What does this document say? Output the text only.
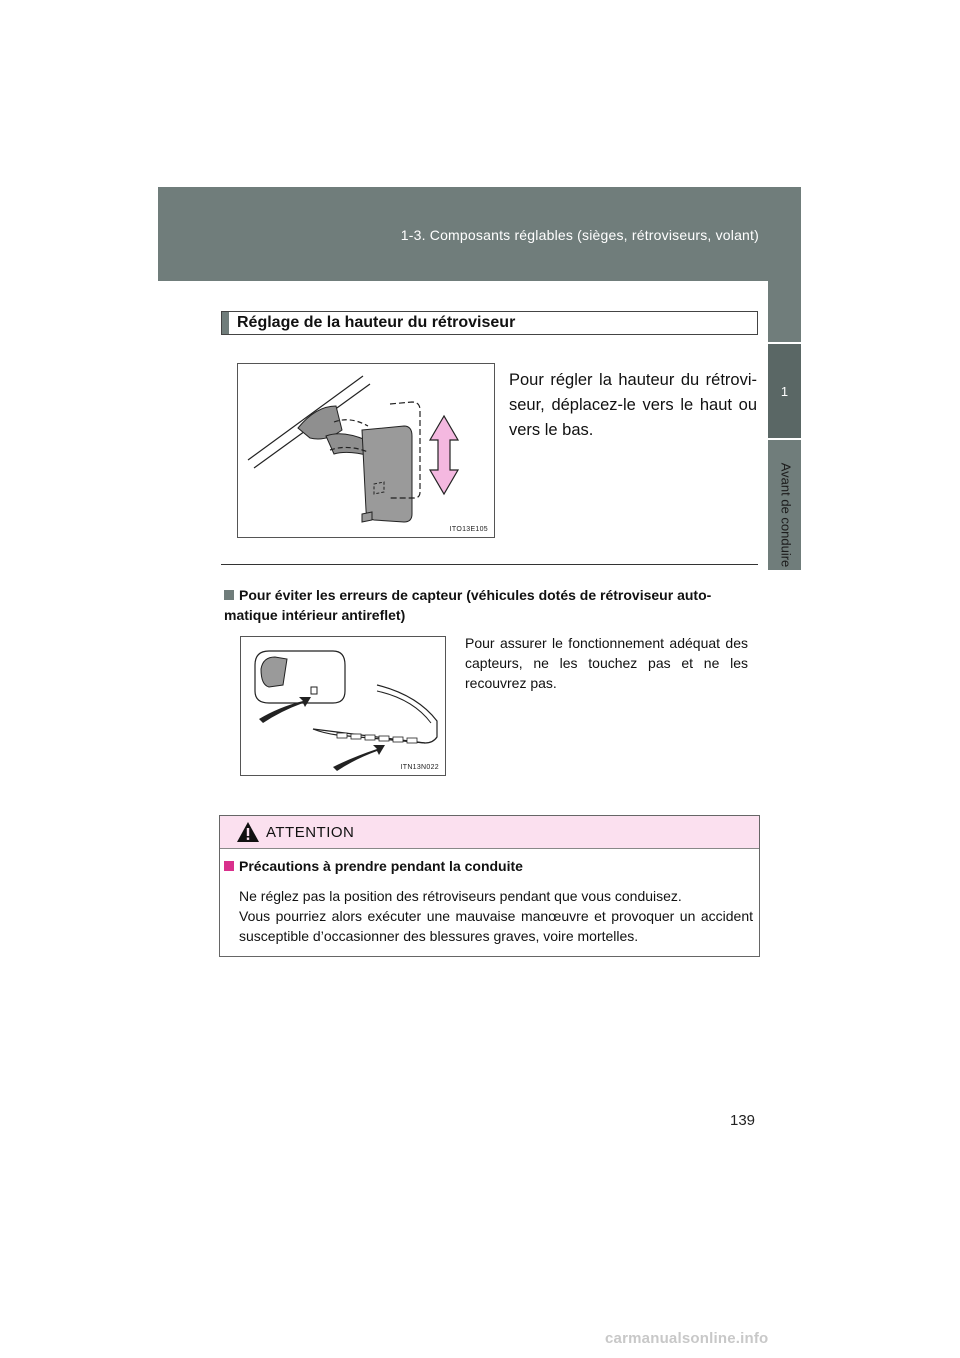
1-3. Composants réglables (sièges, rétroviseurs, volant)
1
Avant de conduire
Réglage de la hauteur du rétroviseur
ITO13E105
Pour régler la hauteur du rétrovi-seur, déplacez-le vers le haut ou vers le bas.
Pour éviter les erreurs de capteur (véhicules dotés de rétroviseur auto-matique intérieur antireflet)
ITN13N022
Pour assurer le fonctionnement adéquat des capteurs, ne les touchez pas et ne les recouvrez pas.
ATTENTION
Précautions à prendre pendant la conduite

Ne réglez pas la position des rétroviseurs pendant que vous conduisez.

Vous pourriez alors exécuter une mauvaise manœuvre et provoquer un accident susceptible d’occasionner des blessures graves, voire mortelles.

139
carmanualsonline.info
